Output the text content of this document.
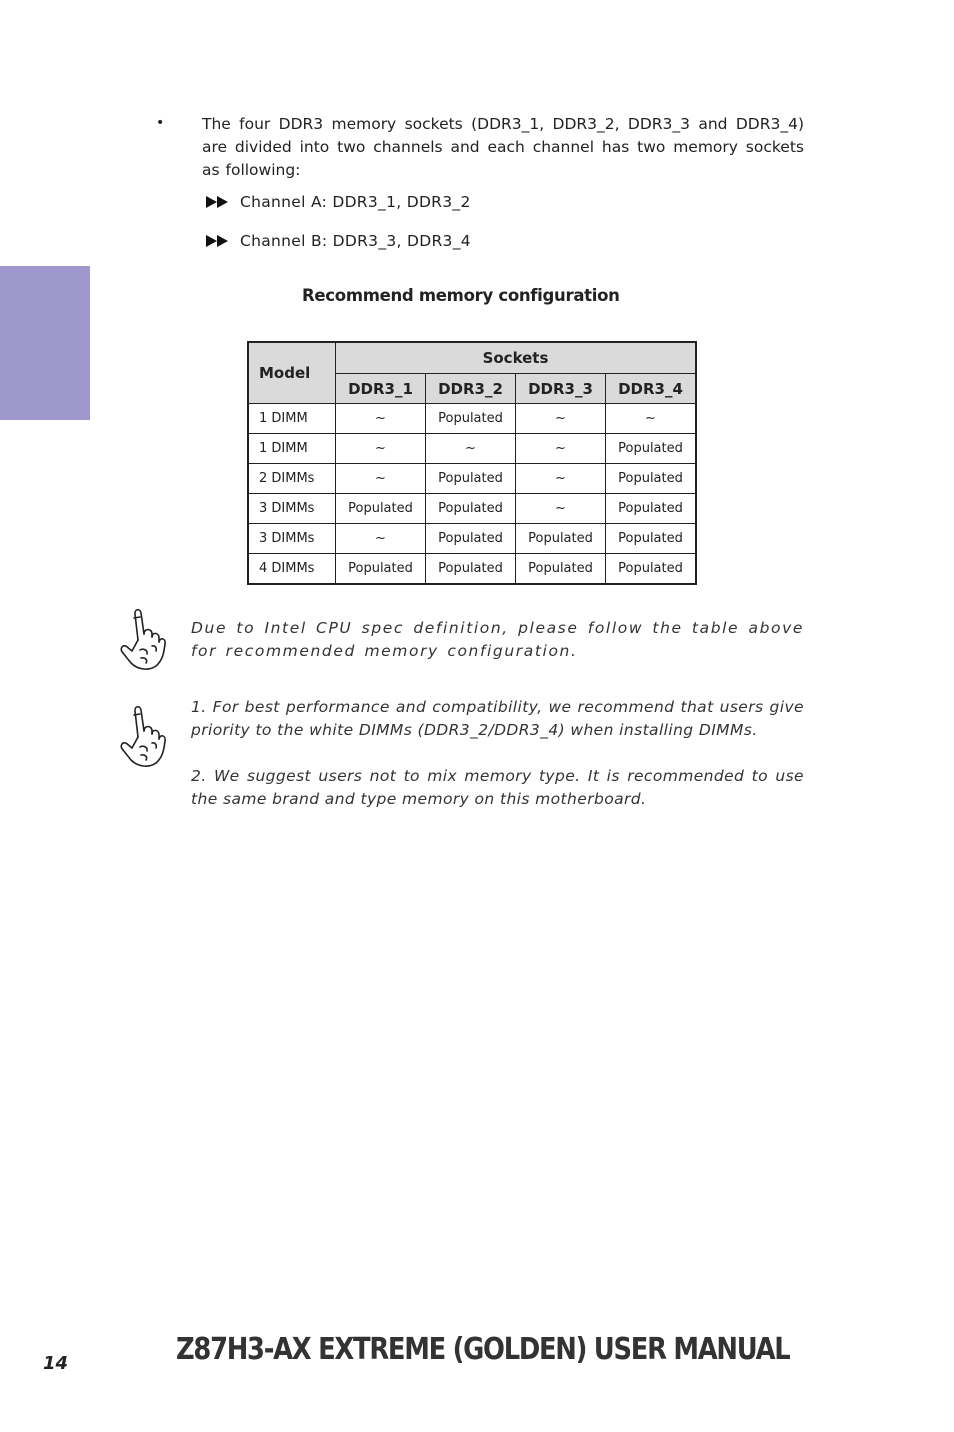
• The four DDR3 memory sockets (DDR3_1, DDR3_2, DDR3_3 and DDR3_4) are divided into two channels and each channel has two memory sockets as following:
Channel A: DDR3_1, DDR3_2
Channel B: DDR3_3, DDR3_4
Recommend memory configuration
Model	Sockets			
	DDR3_1	DDR3_2	DDR3_3	DDR3_4
1 DIMM	~	Populated	~	~
1 DIMM	~	~	~	Populated
2 DIMMs	~	Populated	~	Populated
3 DIMMs	Populated	Populated	~	Populated
3 DIMMs	~	Populated	Populated	Populated
4 DIMMs	Populated	Populated	Populated	Populated
Due to Intel CPU spec definition, please follow the table above for recommended memory configuration.
1. For best performance and compatibility, we recommend that users give priority to the white DIMMs (DDR3_2/DDR3_4) when installing DIMMs.
2. We suggest users not to mix memory type. It is recommended to use the same brand and type memory on this motherboard.
14	Z87H3-AX EXTREME (GOLDEN) USER MANUAL
